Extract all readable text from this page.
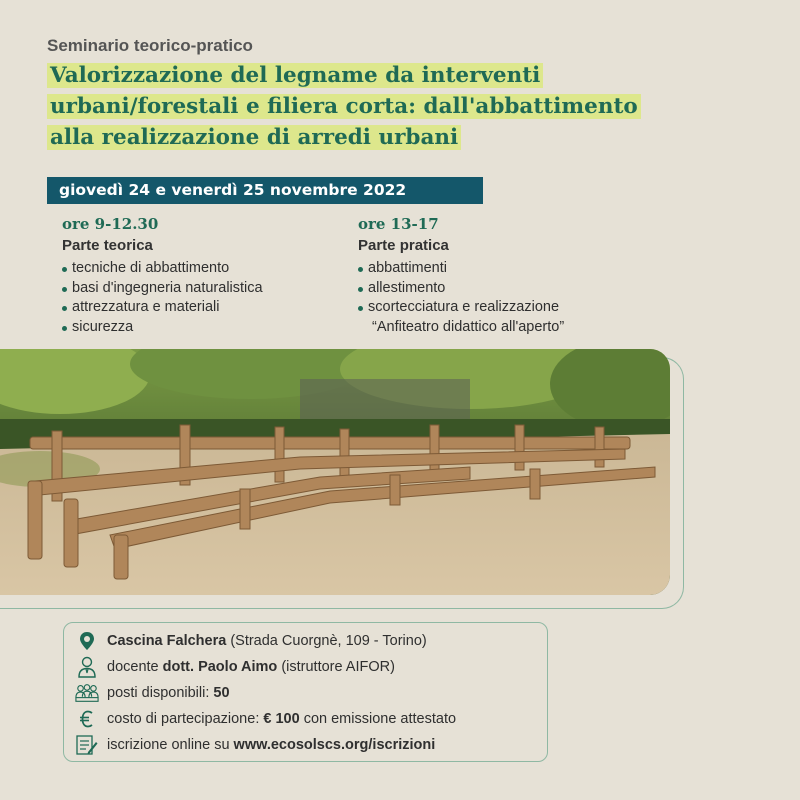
Seminario teorico-pratico
Valorizzazione del legname da interventi
urbani/forestali e filiera corta: dall'abbattimento
alla realizzazione di arredi urbani
giovedì 24 e venerdì 25 novembre 2022
ore 9-12.30
Parte teorica
tecniche di abbattimento
basi d'ingegneria naturalistica
attrezzatura e materiali
sicurezza
ore 13-17
Parte pratica
abbattimenti
allestimento
scortecciatura e realizzazione
“Anfiteatro didattico all'aperto”
Cascina Falchera (Strada Cuorgnè, 109 - Torino)
docente dott. Paolo Aimo (istruttore AIFOR)
posti disponibili: 50
costo di partecipazione: € 100 con emissione attestato
iscrizione online su www.ecosolscs.org/iscrizioni
